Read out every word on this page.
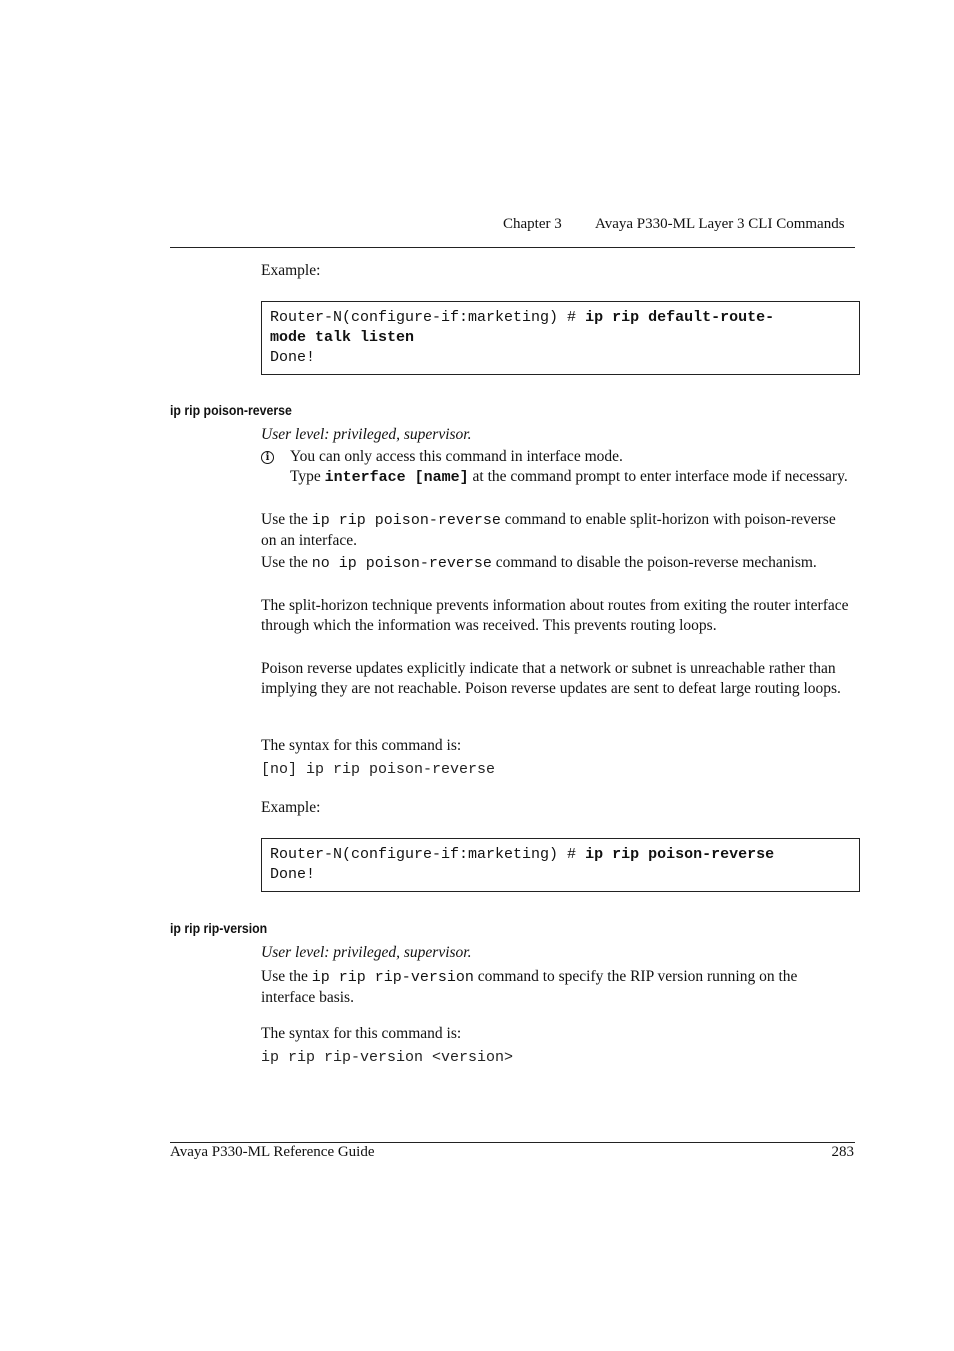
Chapter 3 Avaya P330-ML Layer 3 CLI Commands
Example:
Router-N(configure-if:marketing) # ip rip default-route-
mode talk listen
Done!
ip rip poison-reverse
User level: privileged, supervisor.
i You can only access this command in interface mode.
Type interface [name] at the command prompt to enter interface mode if necessary.
Use the ip rip poison-reverse command to enable split-horizon with poison-reverse on an interface.
Use the no ip poison-reverse command to disable the poison-reverse mechanism.
The split-horizon technique prevents information about routes from exiting the router interface through which the information was received. This prevents routing loops.
Poison reverse updates explicitly indicate that a network or subnet is unreachable rather than implying they are not reachable. Poison reverse updates are sent to defeat large routing loops.
The syntax for this command is:
[no] ip rip poison-reverse
Example:
Router-N(configure-if:marketing) # ip rip poison-reverse
Done!
ip rip rip-version
User level: privileged, supervisor.
Use the ip rip rip-version command to specify the RIP version running on the interface basis.
The syntax for this command is:
ip rip rip-version <version>
Avaya P330-ML Reference Guide	283
